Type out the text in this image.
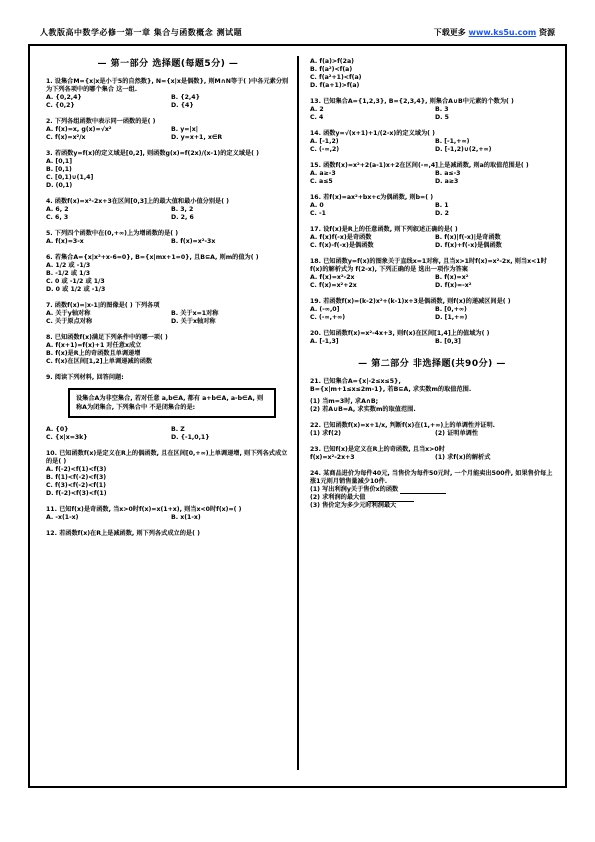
人教版高中数学必修一第一章 集合与函数概念 测试题	下载更多 www.ks5u.com 资源
— 第一部分 选择题(每题5分) —
1. 设集合M={x|x是小于5的自然数}, N={x|x是偶数}, 则M∩N等于( )中各元素分别为下列各项中的哪个集合 这一组.
A. {0,2,4}	B. {2,4}
C. {0,2}	D. {4}
2. 下列各组函数中表示同一函数的是( )
A. f(x)=x, g(x)=√x²	B. y=|x|
C. f(x)=x²/x	D. y=x+1, x∈R
3. 若函数y=f(x)的定义域是[0,2], 则函数g(x)=f(2x)/(x-1)的定义域是( )
A. [0,1]
B. [0,1)
C. [0,1)∪(1,4]
D. (0,1)
4. 函数f(x)=x²-2x+3在区间[0,3]上的最大值和最小值分别是( )
A. 6, 2	B. 3, 2
C. 6, 3	D. 2, 6
5. 下列四个函数中在(0,+∞)上为增函数的是( )
A. f(x)=3-x	B. f(x)=x²-3x
6. 若集合A={x|x²+x-6=0}, B={x|mx+1=0}, 且B⊆A, 则m的值为( )
A. 1/2 或 -1/3
B. -1/2 或 1/3
C. 0 或 -1/2 或 1/3
D. 0 或 1/2 或 -1/3
7. 函数f(x)=|x-1|的图像是( ) 下列各项
A. 关于y轴对称	B. 关于x=1对称
C. 关于原点对称	D. 关于x轴对称
8. 已知函数f(x)满足下列条件中的哪一项( )
A. f(x+1)=f(x)+1 对任意x成立
B. f(x)是R上的奇函数且单调递增
C. f(x)在区间[1,2]上单调递减的函数
9. 阅读下列材料, 回答问题:
设集合A为非空集合, 若对任意 a,b∈A, 都有 a+b∈A, a-b∈A, 则称A为闭集合, 下列集合中 不是闭集合的是:
A. {0}	B. Z
C. {x|x=3k}	D. {-1,0,1}
10. 已知函数f(x)是定义在R上的偶函数, 且在区间[0,+∞)上单调递增, 则下列各式成立的是( )
A. f(-2)<f(1)<f(3)
B. f(1)<f(-2)<f(3)
C. f(3)<f(-2)<f(1)
D. f(-2)<f(3)<f(1)
11. 已知f(x)是奇函数, 当x>0时f(x)=x(1+x), 则当x<0时f(x)=( )
A. -x(1-x)	B. x(1-x)
12. 若函数f(x)在R上是减函数, 则下列各式成立的是( )
A. f(a)>f(2a)
B. f(a²)<f(a)
C. f(a²+1)<f(a)
D. f(a+1)>f(a)
13. 已知集合A={1,2,3}, B={2,3,4}, 则集合A∪B中元素的个数为( )
A. 2	B. 3
C. 4	D. 5
14. 函数y=√(x+1)+1/(2-x)的定义域为( )
A. [-1,2)	B. [-1,+∞)
C. (-∞,2)	D. [-1,2)∪(2,+∞)
15. 函数f(x)=x²+2(a-1)x+2在区间(-∞,4]上是减函数, 则a的取值范围是( )
A. a≥-3	B. a≤-3
C. a≤5	D. a≥3
16. 若f(x)=ax²+bx+c为偶函数, 则b=( )
A. 0	B. 1
C. -1	D. 2
17. 设f(x)是R上的任意函数, 则下列叙述正确的是( )
A. f(x)f(-x)是奇函数	B. f(x)|f(-x)|是奇函数
C. f(x)-f(-x)是偶函数	D. f(x)+f(-x)是偶函数
18. 已知函数y=f(x)的图象关于直线x=1对称, 且当x>1时f(x)=x²-2x, 则当x<1时f(x)的解析式为 f(2-x), 下列正确的是 选出一项作为答案
A. f(x)=x²-2x	B. f(x)=x²
C. f(x)=x²+2x	D. f(x)=-x²
19. 若函数f(x)=(k-2)x²+(k-1)x+3是偶函数, 则f(x)的递减区间是( )
A. (-∞,0]	B. [0,+∞)
C. (-∞,+∞)	D. [1,+∞)
20. 已知函数f(x)=x²-4x+3, 则f(x)在区间[1,4]上的值域为( )
A. [-1,3]	B. [0,3]
— 第二部分 非选择题(共90分) —
21. 已知集合A={x|-2≤x≤5},
B={x|m+1≤x≤2m-1}, 若B⊆A, 求实数m的取值范围.
(1) 当m=3时, 求A∩B;
(2) 若A∪B=A, 求实数m的取值范围.
22. 已知函数f(x)=x+1/x, 判断f(x)在(1,+∞)上的单调性并证明.
(1) 求f(2)	(2) 证明单调性
23. 已知f(x)是定义在R上的奇函数, 且当x>0时
f(x)=x²-2x+3	(1) 求f(x)的解析式
24. 某商品进价为每件40元, 当售价为每件50元时, 一个月能卖出500件, 如果售价每上涨1元则月销售量减少10件.
(1) 写出利润y关于售价x的函数
(2) 求利润的最大值
(3) 售价定为多少元时利润最大
